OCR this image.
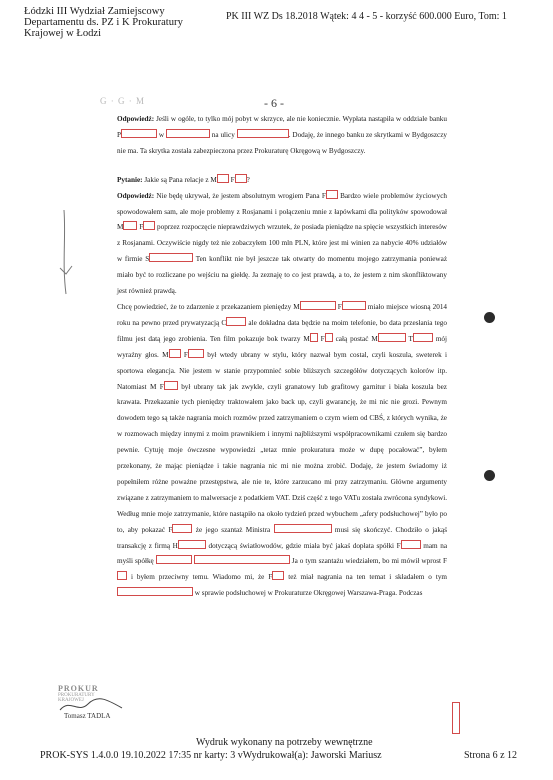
Łódzki III Wydział Zamiejscowy
Departamentu ds. PZ i K Prokuratury
Krajowej w Łodzi
PK III WZ Ds 18.2018 Wątek: 4 4 - 5 - korzyść 600.000 Euro, Tom: 1
G · G · M	- 6 -

Odpowiedź: Jeśli w ogóle, to tylko mój pobyt w skrzyce, ale nie koniecznie. Wypłata nastąpiła w oddziale banku P	w	na ulicy	. Dodaję, że innego banku ze skrytkami w Bydgoszczy nie ma. Ta skrytka została zabezpieczona przez Prokuraturę Okręgową w Bydgoszczy.

Pytanie: Jakie są Pana relacje z M F ?

Odpowiedź: Nie będę ukrywał, że jestem absolutnym wrogiem Pana F Bardzo wiele problemów życiowych spowodowałem sam, ale moje problemy z Rosjanami i połączeniu mnie z łapówkami dla polityków spowodował M F poprzez rozpoczęcie nieprawdziwych wrzutek, że posiada pieniądze na spięcie wszystkich interesów z Rosjanami. Oczywiście nigdy też nie zobaczyłem 100 mln PLN, które jest mi winien za nabycie 40% udziałów w firmie S	Ten konflikt nie był jeszcze tak otwarty do momentu mojego zatrzymania ponieważ miało być to rozliczane po wejściu na giełdę. Ja zeznaję to co jest prawdą, a to, że jestem z nim skonfliktowany jest również prawdą.

Chcę powiedzieć, że to zdarzenie z przekazaniem pieniędzy M	F	miało miejsce wiosną 2014 roku na pewno przed prywatyzacją C	ale dokładna data będzie na moim telefonie, bo data przesłania tego filmu jest datą jego zrobienia. Ten film pokazuje bok twarzy M F całą postać M	T	mój wyraźny głos. M F był wtedy ubrany w stylu, który nazwał bym costal, czyli koszula, sweterek i sportowa elegancja. Nie jestem w stanie przypomnieć sobie bliższych szczegółów dotyczących kolorów itp. Natomiast M F był ubrany tak jak zwykle, czyli granatowy lub grafitowy garnitur i biała koszula bez krawata. Przekazanie tych pieniędzy traktowałem jako back up, czyli gwarancję, że mi nic nie grozi. Pewnym dowodem tego są także nagrania moich rozmów przed zatrzymaniem o czym wiem od CBŚ, z których wynika, że w rozmowach między innymi z moim prawnikiem i innymi najbliższymi współpracownikami czułem się bardzo pewnie. Cytuję moje ówczesne wypowiedzi „tetaz mnie prokuratura może w dupę pocałować”, byłem przekonany, że mając pieniądze i takie nagrania nic mi nie można zrobić. Dodaję, że jestem świadomy iż popełniłem różne poważne przestępstwa, ale nie te, które zarzucano mi przy zatrzymaniu. Główne argumenty związane z zatrzymaniem to malwersacje z podatkiem VAT. Dziś część z tego VATu została zwrócona syndykowi. Według mnie moje zatrzymanie, które nastąpiło na około tydzień przed wybuchem „afery podsłuchowej” było po to, aby pokazać F	że jego szantaż Ministra	musi się skończyć. Chodziło o jakąś transakcję z firmą H	dotyczącą światłowodów, gdzie miała być jakaś dopłata spółki F	mam na myśli spółkę	Ja o tym szantażu wiedziałem, bo mi mówił wprost F i byłem przeciwny temu. Wiadomo mi, że F też miał nagrania na ten temat i składałem o tym  w sprawie podsłuchowej w Prokuraturze Okręgowej Warszawa-Praga. Podczas

PROKUR
PROKURATURY KRAJOWEJ
Tomasz TADLA
Wydruk wykonany na potrzeby wewnętrzne
PROK-SYS 1.4.0.0 19.10.2022 17:35 nr karty: 3 vWydrukował(a): Jaworski Mariusz	Strona 6 z 12
